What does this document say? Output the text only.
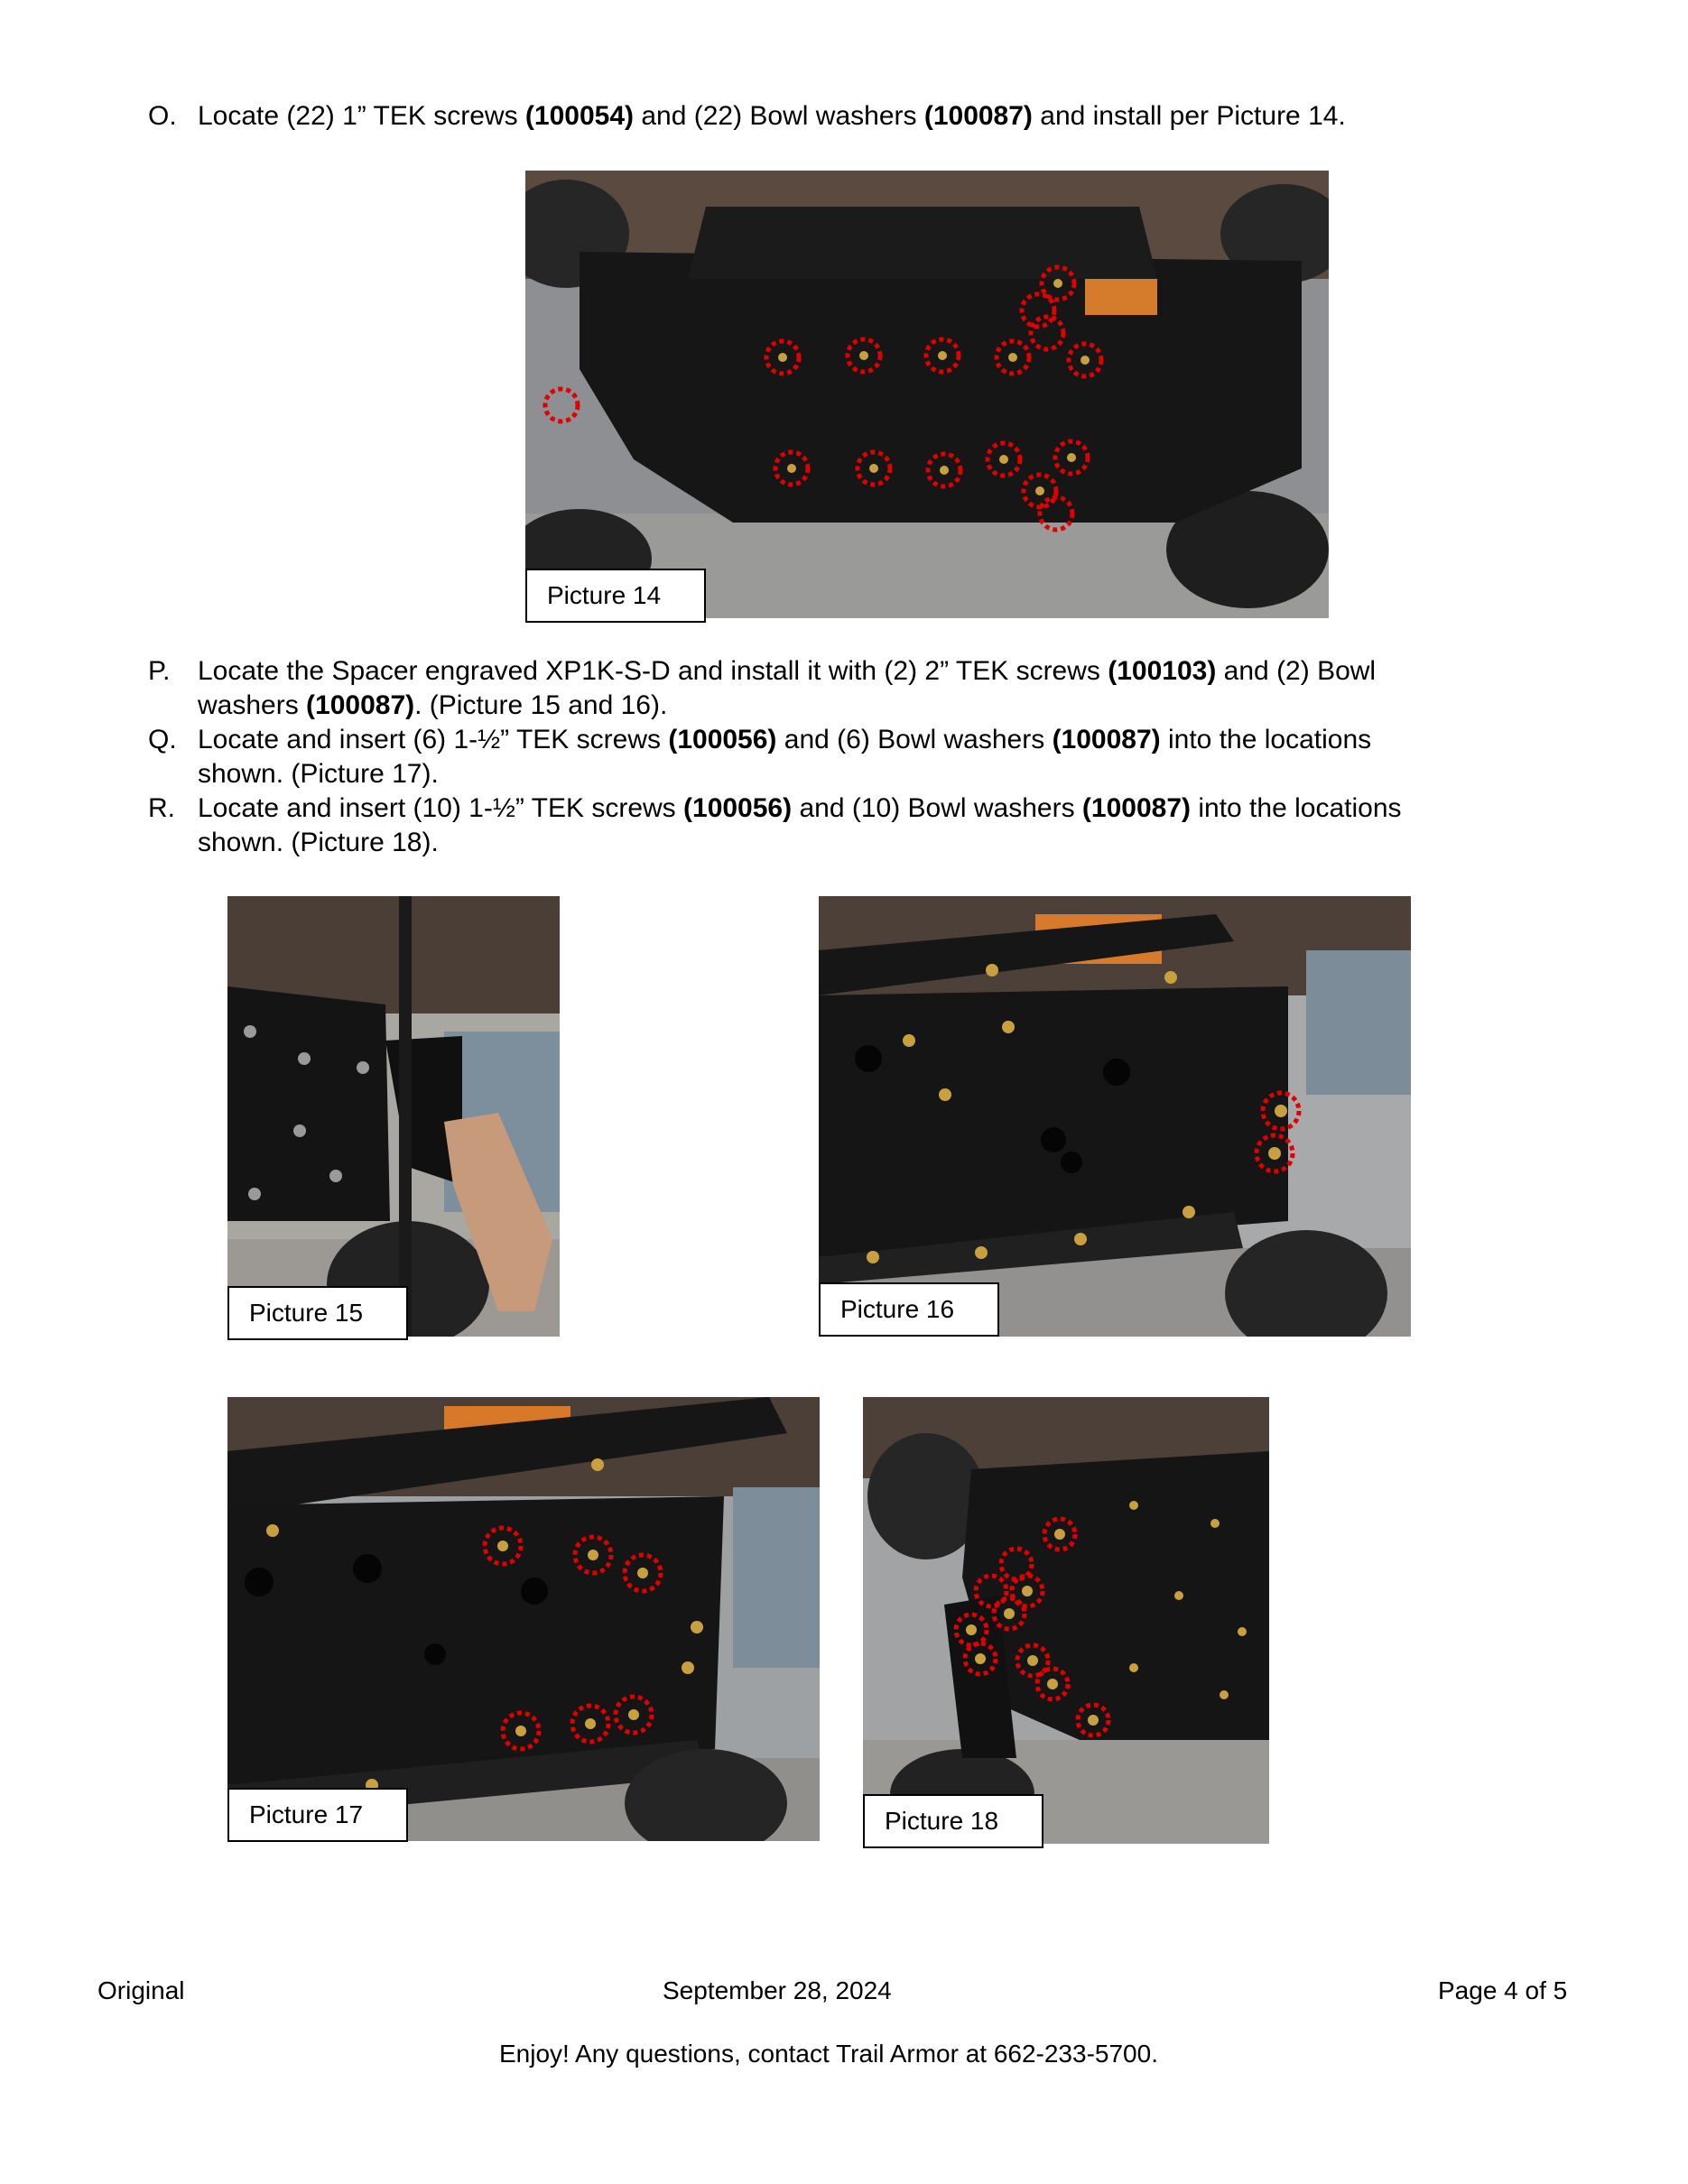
O. Locate (22) 1” TEK screws (100054) and (22) Bowl washers (100087) and install per Picture 14.
Picture 14
P.	Locate the Spacer engraved XP1K-S-D and install it with (2) 2” TEK screws (100103) and (2) Bowl
washers (100087). (Picture 15 and 16).
Q. Locate and insert (6) 1-½” TEK screws (100056) and (6) Bowl washers (100087) into the locations
shown. (Picture 17).
R. Locate and insert (10) 1-½” TEK screws (100056) and (10) Bowl washers (100087) into the locations
shown. (Picture 18).
Picture 15	Picture 16
Picture 17	Picture 18
Original	September 28, 2024	Page 4 of 5
Enjoy! Any questions, contact Trail Armor at 662-233-5700.
